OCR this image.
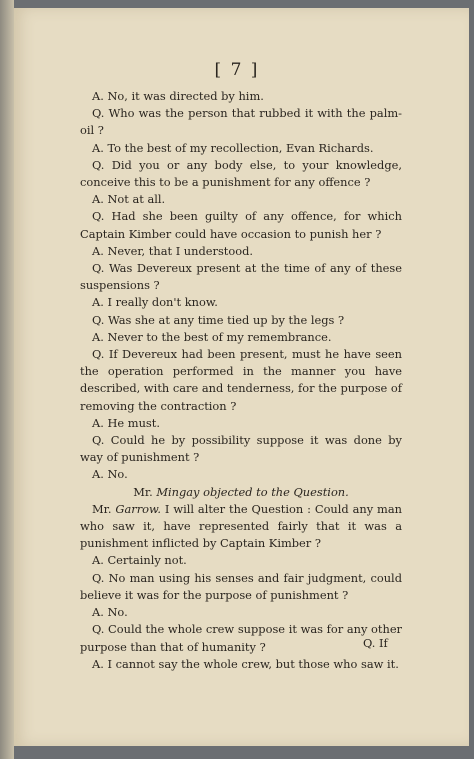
[ 7 ]

A. No, it was directed by him.

Q. Who was the person that rubbed it with the palm-oil ?

A. To the best of my recollection, Evan Richards.

Q. Did you or any body else, to your knowledge, conceive this to be a punishment for any offence ?

A. Not at all.

Q. Had she been guilty of any offence, for which Captain Kimber could have occasion to punish her ?

A. Never, that I understood.

Q. Was Devereux present at the time of any of these suspensions ?

A. I really don't know.

Q. Was she at any time tied up by the legs ?

A. Never to the best of my remembrance.

Q. If Devereux had been present, must he have seen the operation performed in the manner you have described, with care and tenderness, for the purpose of removing the contraction ?

A. He must.

Q. Could he by possibility suppose it was done by way of punishment ?

A. No.

Mr. Mingay objected to the Question.

Mr. Garrow. I will alter the Question : Could any man who saw it, have represented fairly that it was a punishment inflicted by Captain Kimber ?

A. Certainly not.

Q. No man using his senses and fair judgment, could believe it was for the purpose of punishment ?

A. No.

Q. Could the whole crew suppose it was for any other purpose than that of humanity ?

A. I cannot say the whole crew, but those who saw it.

Q. If
